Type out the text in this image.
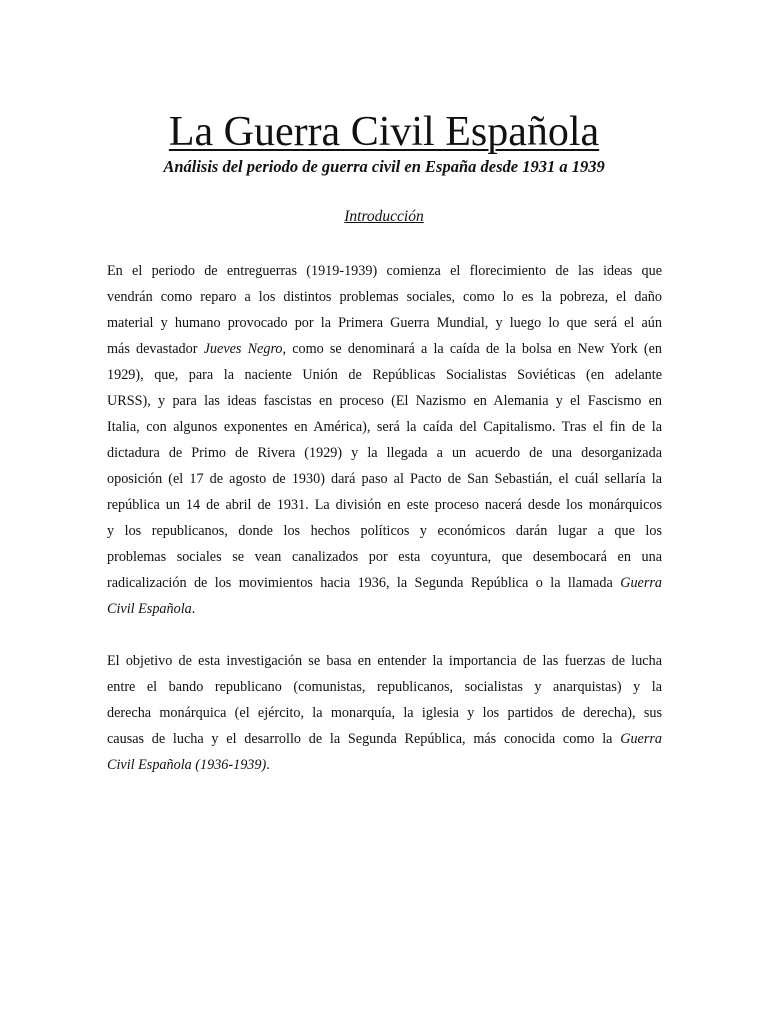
La Guerra Civil Española

Análisis del periodo de guerra civil en España desde 1931 a 1939

Introducción

En el periodo de entreguerras (1919-1939) comienza el florecimiento de las ideas que
vendrán como reparo a los distintos problemas sociales, como lo es la pobreza, el daño
material y humano provocado por la Primera Guerra Mundial, y luego lo que será el aún
más devastador Jueves Negro, como se denominará a la caída de la bolsa en New York (en
1929), que, para la naciente Unión de Repúblicas Socialistas Soviéticas (en adelante
URSS), y para las ideas fascistas en proceso (El Nazismo en Alemania y el Fascismo en
Italia, con algunos exponentes en América), será la caída del Capitalismo. Tras el fin de la
dictadura de Primo de Rivera (1929) y la llegada a un acuerdo de una desorganizada
oposición (el 17 de agosto de 1930) dará paso al Pacto de San Sebastián, el cuál sellaría la
república un 14 de abril de 1931. La división en este proceso nacerá desde los monárquicos
y los republicanos, donde los hechos políticos y económicos darán lugar a que los
problemas sociales se vean canalizados por esta coyuntura, que desembocará en una
radicalización de los movimientos hacia 1936, la Segunda República o la llamada Guerra
Civil Española.
El objetivo de esta investigación se basa en entender la importancia de las fuerzas de lucha
entre el bando republicano (comunistas, republicanos, socialistas y anarquistas) y la
derecha monárquica (el ejército, la monarquía, la iglesia y los partidos de derecha), sus
causas de lucha y el desarrollo de la Segunda República, más conocida como la Guerra
Civil Española (1936-1939).
